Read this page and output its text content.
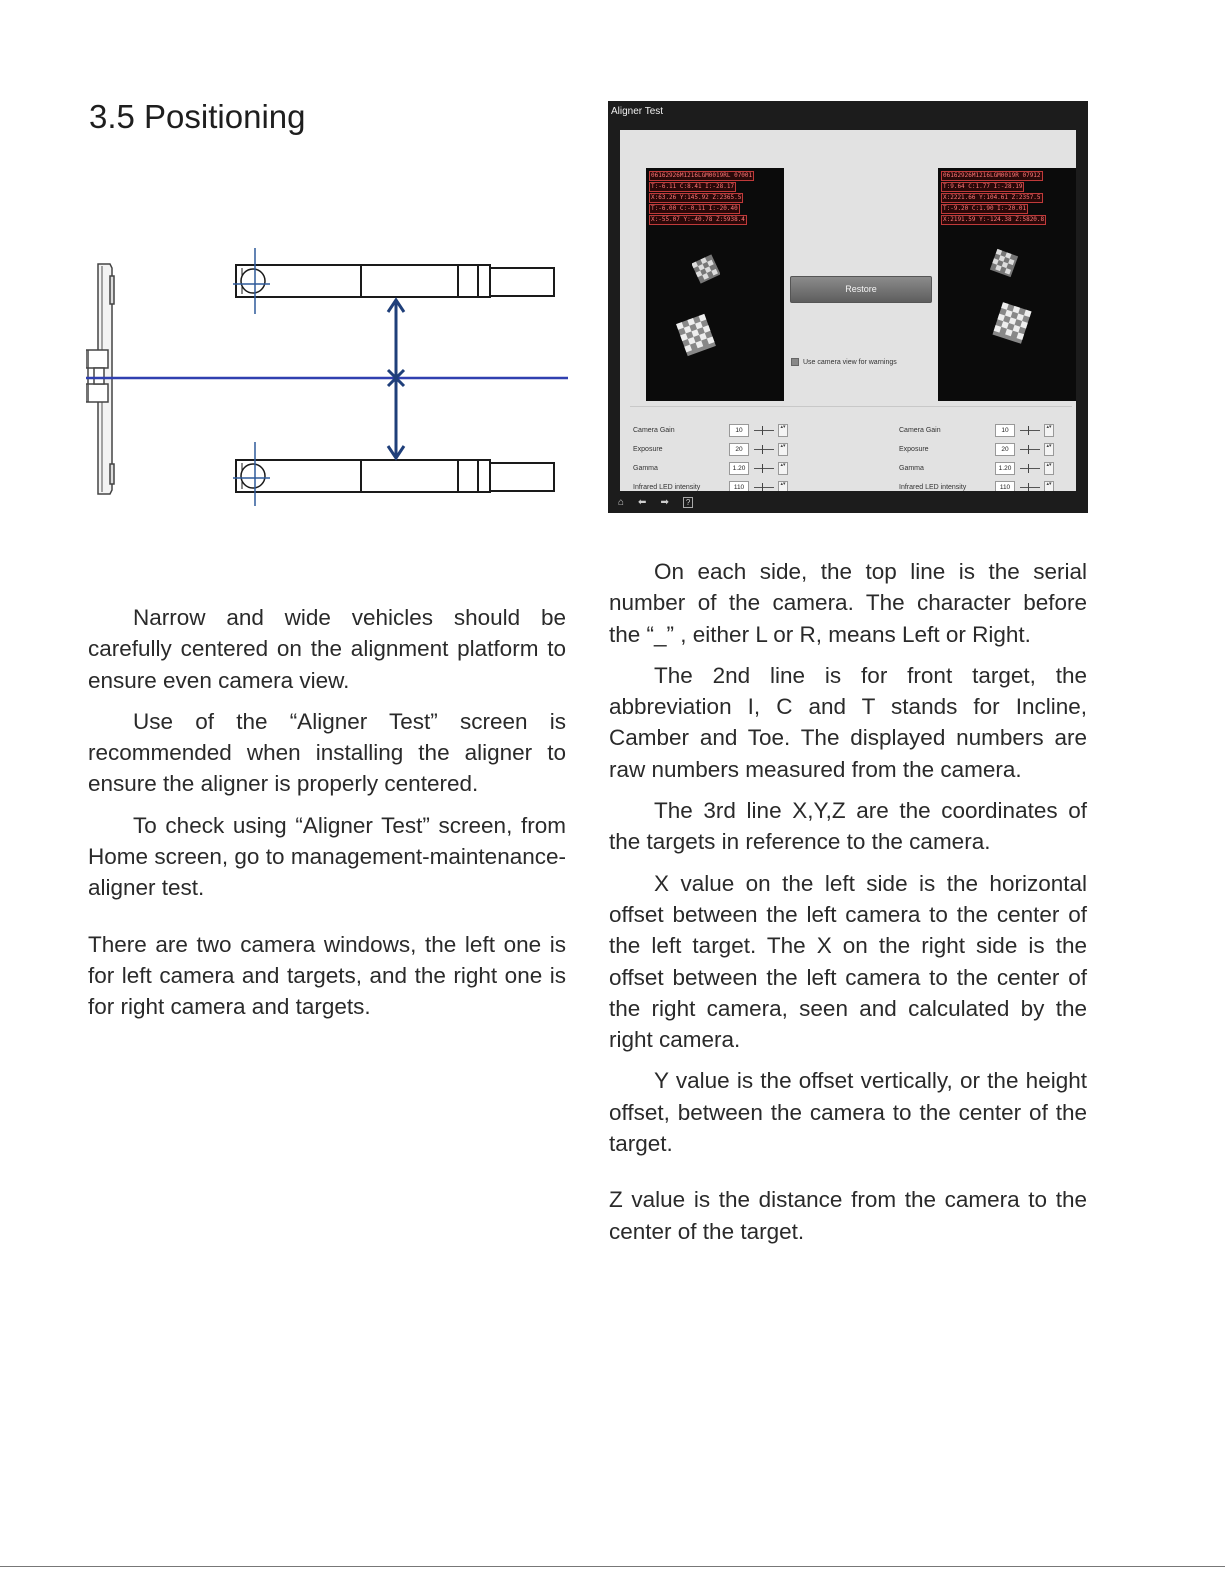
3.5 Positioning	Aligner Test
06162926M1216LGM0019RL 07001
T:-6.11 C:8.41 I:-28.17
X:63.26 Y:145.92 Z:2365.5
T:-6.00 C:-0.11 I:-20.40
X:-55.07 Y:-40.78 Z:5938.4
06162926M1216LGM0019R 07912
T:9.64 C:1.77 I:-28.19
X:2221.66 Y:104.61 Z:2357.5
T:-9.20 C:1.90 I:-20.01
X:2191.59 Y:-124.38 Z:5820.8
Restore
Use camera view for warnings
Camera Gain	10	▴▾
Exposure	20	▴▾
Gamma	1.20	▴▾
Infrared LED intensity	110	▴▾
Camera Gain	10	▴▾
Exposure	20	▴▾
Gamma	1.20	▴▾
Infrared LED intensity	110	▴▾
⌂ ⬅ ➡	?

Narrow and wide vehicles should be carefully centered on the alignment platform to ensure even camera view.

Use of the “Aligner Test” screen is recommended when installing the aligner to ensure the aligner is properly centered.

To check using “Aligner Test” screen, from Home screen, go to management-maintenance-aligner test.

There are two camera windows, the left one is for left camera and targets, and the right one is for right camera and targets.

On each side, the top line is the serial number of the camera. The character before the “_” , either L or R, means Left or Right.

The 2nd line is for front target, the abbreviation I, C and T stands for Incline, Camber and Toe. The displayed numbers are raw numbers measured from the camera.

The 3rd line X,Y,Z are the coordinates of the targets in reference to the camera.

X value on the left side is the horizontal offset between the left camera to the center of the left target. The X on the right side is the offset between the left camera to the center of the right camera, seen and calculated by the right camera.

Y value is the offset vertically, or the height offset, between the camera to the center of the target.

Z value is the distance from the camera to the center of the target.
